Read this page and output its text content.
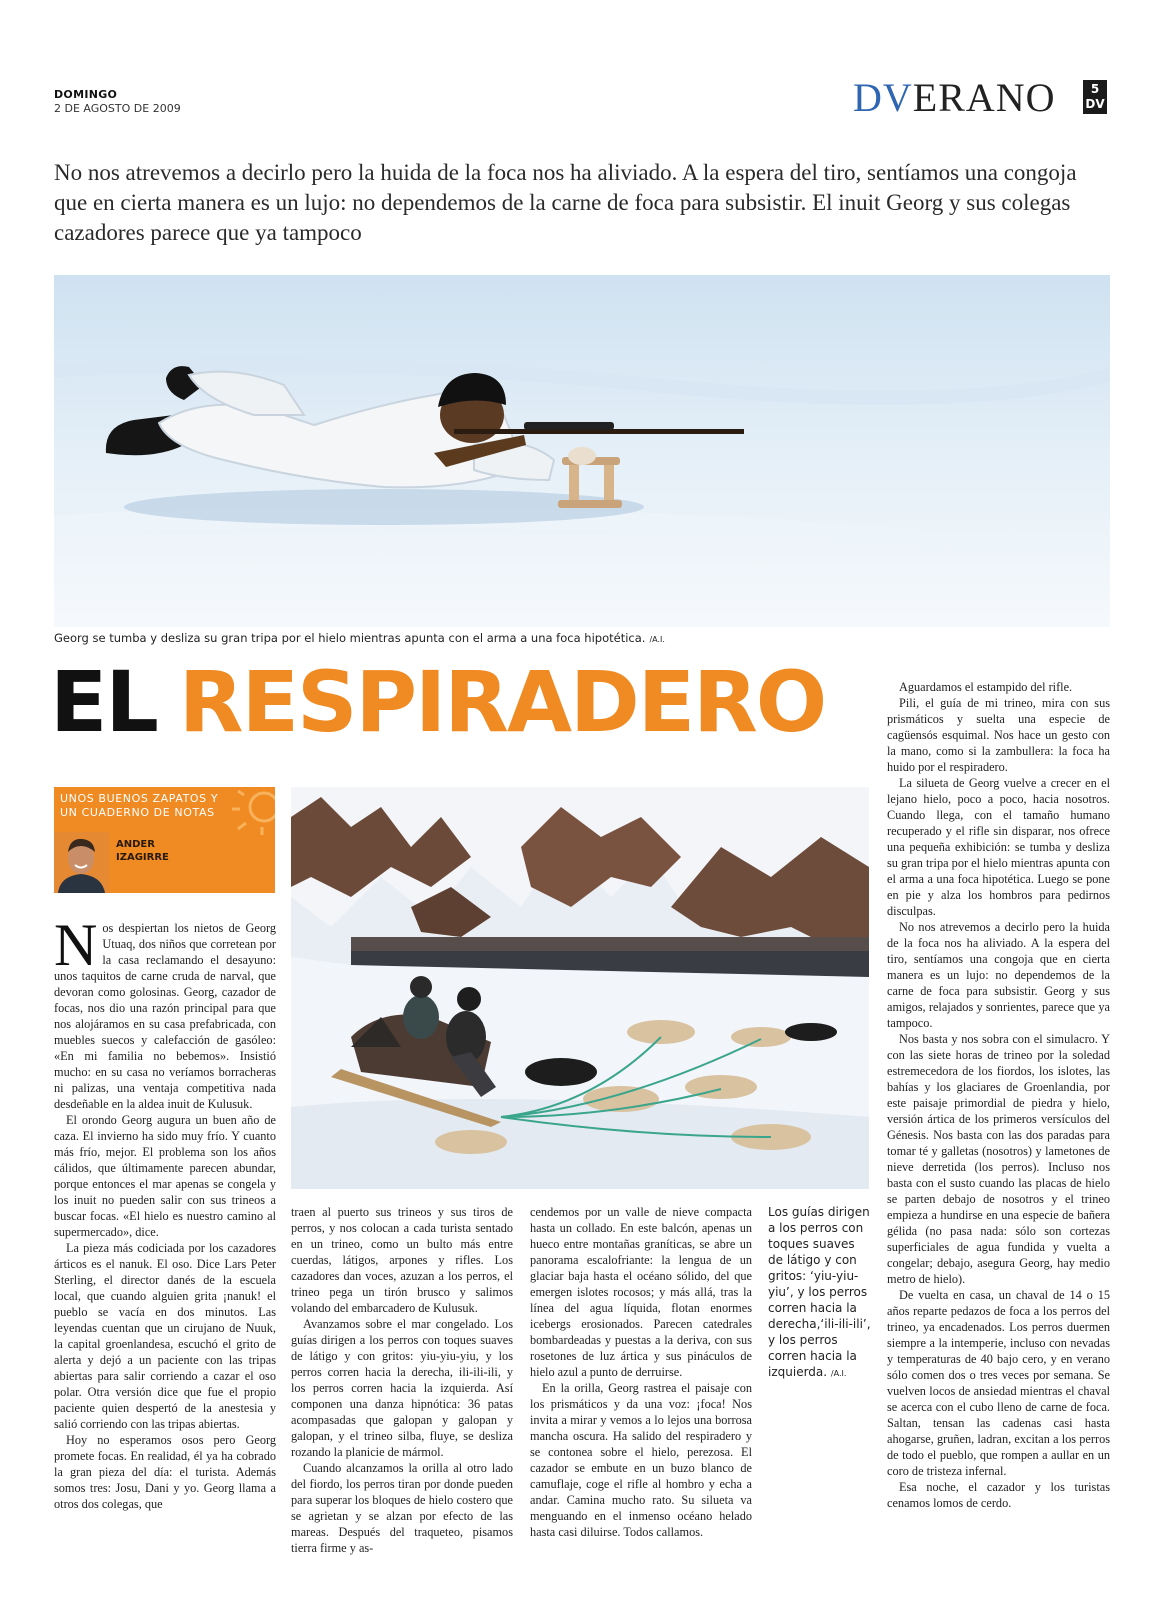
DOMINGO
2 DE AGOSTO DE 2009	DVERANO	5
DV
No nos atrevemos a decirlo pero la huida de la foca nos ha aliviado. A la espera del tiro, sentíamos una congoja que en cierta manera es un lujo: no dependemos de la carne de foca para subsistir. El inuit Georg y sus colegas cazadores parece que ya tampoco
Georg se tumba y desliza su gran tripa por el hielo mientras apunta con el arma a una foca hipotética. /A.I.
EL RESPIRADERO
UNOS BUENOS ZAPATOS Y
UN CUADERNO DE NOTAS
ANDER
IZAGIRRE

Nos despiertan los nietos de Georg Utuaq, dos niños que corretean por la casa reclamando el desayuno: unos taquitos de carne cruda de narval, que devoran como golosinas. Georg, cazador de focas, nos dio una razón principal para que nos alojáramos en su casa prefabricada, con muebles suecos y calefacción de gasóleo: «En mi familia no bebemos». Insistió mucho: en su casa no veríamos borracheras ni palizas, una ventaja competitiva nada desdeñable en la aldea inuit de Kulusuk.

El orondo Georg augura un buen año de caza. El invierno ha sido muy frío. Y cuanto más frío, mejor. El problema son los años cálidos, que últimamente parecen abundar, porque entonces el mar apenas se congela y los inuit no pueden salir con sus trineos a buscar focas. «El hielo es nuestro camino al supermercado», dice.

La pieza más codiciada por los cazadores árticos es el nanuk. El oso. Dice Lars Peter Sterling, el director danés de la escuela local, que cuando alguien grita ¡nanuk! el pueblo se vacía en dos minutos. Las leyendas cuentan que un cirujano de Nuuk, la capital groenlandesa, escuchó el grito de alerta y dejó a un paciente con las tripas abiertas para salir corriendo a cazar el oso polar. Otra versión dice que fue el propio paciente quien despertó de la anestesia y salió corriendo con las tripas abiertas.

Hoy no esperamos osos pero Georg promete focas. En realidad, él ya ha cobrado la gran pieza del día: el turista. Además somos tres: Josu, Dani y yo. Georg llama a otros dos colegas, que

traen al puerto sus trineos y sus tiros de perros, y nos colocan a cada turista sentado en un trineo, como un bulto más entre cuerdas, látigos, arpones y rifles. Los cazadores dan voces, azuzan a los perros, el trineo pega un tirón brusco y salimos volando del embarcadero de Kulusuk.

Avanzamos sobre el mar congelado. Los guías dirigen a los perros con toques suaves de látigo y con gritos: yiu-yiu-yiu, y los perros corren hacia la derecha, ili-ili-ili, y los perros corren hacia la izquierda. Así componen una danza hipnótica: 36 patas acompasadas que galopan y galopan y galopan, y el trineo silba, fluye, se desliza rozando la planicie de mármol.

Cuando alcanzamos la orilla al otro lado del fiordo, los perros tiran por donde pueden para superar los bloques de hielo costero que se agrietan y se alzan por efecto de las mareas. Después del traqueteo, pisamos tierra firme y as-

cendemos por un valle de nieve compacta hasta un collado. En este balcón, apenas un hueco entre montañas graníticas, se abre un panorama escalofriante: la lengua de un glaciar baja hasta el océano sólido, del que emergen islotes rocosos; y más allá, tras la línea del agua líquida, flotan enormes icebergs erosionados. Parecen catedrales bombardeadas y puestas a la deriva, con sus rosetones de luz ártica y sus pináculos de hielo azul a punto de derruirse.

En la orilla, Georg rastrea el paisaje con los prismáticos y da una voz: ¡foca! Nos invita a mirar y vemos a lo lejos una borrosa mancha oscura. Ha salido del respiradero y se contonea sobre el hielo, perezosa. El cazador se embute en un buzo blanco de camuflaje, coge el rifle al hombro y echa a andar. Camina mucho rato. Su silueta va menguando en el inmenso océano helado hasta casi diluirse. Todos callamos.

Los guías dirigen a los perros con toques suaves de látigo y con gritos: ‘yiu-yiu-yiu’, y los perros corren hacia la derecha,‘ili-ili-ili’, y los perros corren hacia la izquierda. /A.I.

Aguardamos el estampido del rifle.

Pili, el guía de mi trineo, mira con sus prismáticos y suelta una especie de cagüensós esquimal. Nos hace un gesto con la mano, como si la zambullera: la foca ha huido por el respiradero.

La silueta de Georg vuelve a crecer en el lejano hielo, poco a poco, hacia nosotros. Cuando llega, con el tamaño humano recuperado y el rifle sin disparar, nos ofrece una pequeña exhibición: se tumba y desliza su gran tripa por el hielo mientras apunta con el arma a una foca hipotética. Luego se pone en pie y alza los hombros para pedirnos disculpas.

No nos atrevemos a decirlo pero la huida de la foca nos ha aliviado. A la espera del tiro, sentíamos una congoja que en cierta manera es un lujo: no dependemos de la carne de foca para subsistir. Georg y sus amigos, relajados y sonrientes, parece que ya tampoco.

Nos basta y nos sobra con el simulacro. Y con las siete horas de trineo por la soledad estremecedora de los fiordos, los islotes, las bahías y los glaciares de Groenlandia, por este paisaje primordial de piedra y hielo, versión ártica de los primeros versículos del Génesis. Nos basta con las dos paradas para tomar té y galletas (nosotros) y lametones de nieve derretida (los perros). Incluso nos basta con el susto cuando las placas de hielo se parten debajo de nosotros y el trineo empieza a hundirse en una especie de bañera gélida (no pasa nada: sólo son cortezas superficiales de agua fundida y vuelta a congelar; debajo, asegura Georg, hay medio metro de hielo).

De vuelta en casa, un chaval de 14 o 15 años reparte pedazos de foca a los perros del trineo, ya encadenados. Los perros duermen siempre a la intemperie, incluso con nevadas y temperaturas de 40 bajo cero, y en verano sólo comen dos o tres veces por semana. Se vuelven locos de ansiedad mientras el chaval se acerca con el cubo lleno de carne de foca. Saltan, tensan las cadenas casi hasta ahogarse, gruñen, ladran, excitan a los perros de todo el pueblo, que rompen a aullar en un coro de tristeza infernal.

Esa noche, el cazador y los turistas cenamos lomos de cerdo.
